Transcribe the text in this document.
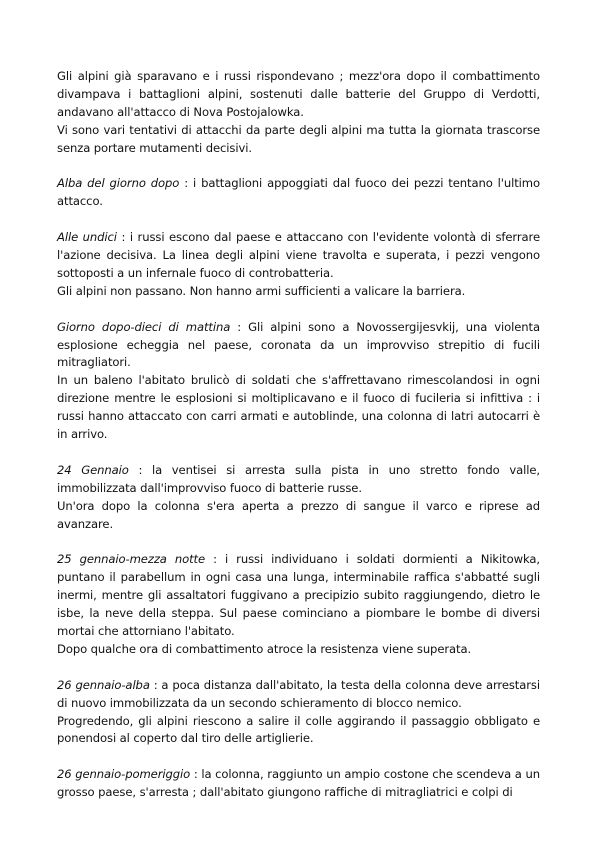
Gli alpini già sparavano e i russi rispondevano ; mezz'ora dopo il combattimento divampava i battaglioni alpini, sostenuti dalle batterie del Gruppo di Verdotti, andavano all'attacco di Nova Postojalowka.
Vi sono vari tentativi di attacchi da parte degli alpini ma tutta la giornata trascorse senza portare mutamenti decisivi.
Alba del giorno dopo : i battaglioni appoggiati dal fuoco dei pezzi tentano l'ultimo attacco.
Alle undici : i russi escono dal paese e attaccano con l'evidente volontà di sferrare l'azione decisiva. La linea degli alpini viene travolta e superata, i pezzi vengono sottoposti a un infernale fuoco di controbatteria.
Gli alpini non passano. Non hanno armi sufficienti a valicare la barriera.
Giorno dopo-dieci di mattina : Gli alpini sono a Novossergijesvkij, una violenta esplosione echeggia nel paese, coronata da un improvviso strepitio di fucili mitragliatori.
In un baleno l'abitato brulicò di soldati che s'affrettavano rimescolandosi in ogni direzione mentre le esplosioni si moltiplicavano e il fuoco di fucileria si infittiva : i russi hanno attaccato con carri armati e autoblinde, una colonna di latri autocarri è in arrivo.
24 Gennaio : la ventisei si arresta sulla pista in uno stretto fondo valle, immobilizzata dall'improvviso fuoco di batterie russe.
Un'ora dopo la colonna s'era aperta a prezzo di sangue il varco e riprese ad avanzare.
25 gennaio-mezza notte : i russi individuano i soldati dormienti a Nikitowka, puntano il parabellum in ogni casa una lunga, interminabile raffica s'abbatté sugli inermi, mentre gli assaltatori fuggivano a precipizio subito raggiungendo, dietro le isbe, la neve della steppa. Sul paese cominciano a piombare le bombe di diversi mortai che attorniano l'abitato.
Dopo qualche ora di combattimento atroce la resistenza viene superata.
26 gennaio-alba : a poca distanza dall'abitato, la testa della colonna deve arrestarsi di nuovo immobilizzata da un secondo schieramento di blocco nemico.
Progredendo, gli alpini riescono a salire il colle aggirando il passaggio obbligato e ponendosi al coperto dal tiro delle artiglierie.
26 gennaio-pomeriggio : la colonna, raggiunto un ampio costone che scendeva a un grosso paese, s'arresta ; dall'abitato giungono raffiche di mitragliatrici e colpi di
